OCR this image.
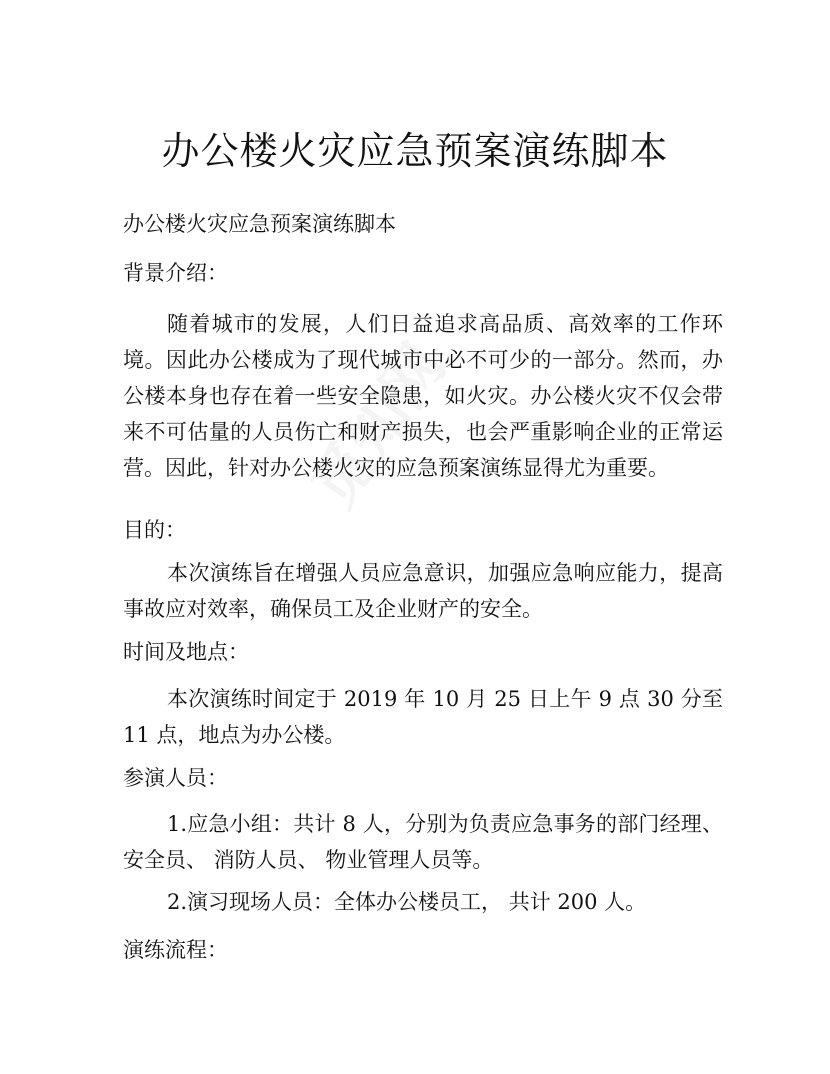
办公楼火灾应急预案演练脚本

办公楼火灾应急预案演练脚本

背景介绍：

随着城市的发展，人们日益追求高品质、高效率的工作环境。因此办公楼成为了现代城市中必不可少的一部分。然而，办公楼本身也存在着一些安全隐患，如火灾。办公楼火灾不仅会带来不可估量的人员伤亡和财产损失，也会严重影响企业的正常运营。因此，针对办公楼火灾的应急预案演练显得尤为重要。

目的：

本次演练旨在增强人员应急意识，加强应急响应能力，提高事故应对效率，确保员工及企业财产的安全。

时间及地点：

本次演练时间定于 2019 年 10 月 25 日上午 9 点 30 分至 11 点，地点为办公楼。

参演人员：

1.应急小组：共计 8 人，分别为负责应急事务的部门经理、安全员、 消防人员、 物业管理人员等。

2.演习现场人员：全体办公楼员工， 共计 200 人。

演练流程：
